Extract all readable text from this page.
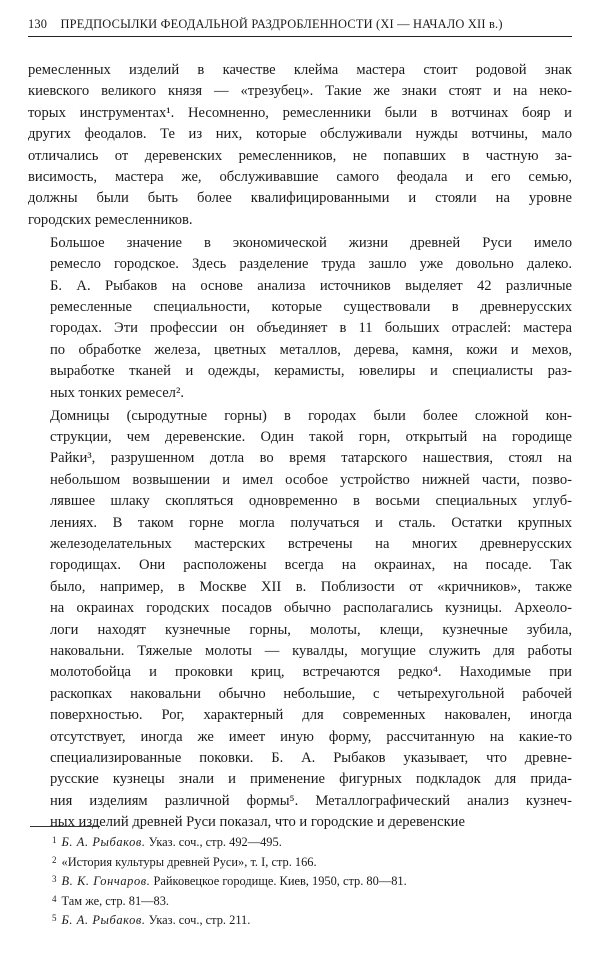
130 ПРЕДПОСЫЛКИ ФЕОДАЛЬНОЙ РАЗДРОБЛЕННОСТИ (XI — НАЧАЛО XII в.)
ремесленных изделий в качестве клейма мастера стоит родовой знак
киевского великого князя — «трезубец». Такие же знаки стоят и на неко-
торых инструментах¹. Несомненно, ремесленники были в вотчинах бояр и
других феодалов. Те из них, которые обслуживали нужды вотчины, мало
отличались от деревенских ремесленников, не попавших в частную за-
висимость, мастера же, обслуживавшие самого феодала и его семью,
должны были быть более квалифицированными и стояли на уровне
городских ремесленников.
Большое значение в экономической жизни древней Руси имело
ремесло городское. Здесь разделение труда зашло уже довольно далеко.
Б. А. Рыбаков на основе анализа источников выделяет 42 различные
ремесленные специальности, которые существовали в древнерусских
городах. Эти профессии он объединяет в 11 больших отраслей: мастера
по обработке железа, цветных металлов, дерева, камня, кожи и мехов,
выработке тканей и одежды, керамисты, ювелиры и специалисты раз-
ных тонких ремесел².
Домницы (сыродутные горны) в городах были более сложной кон-
струкции, чем деревенские. Один такой горн, открытый на городище
Райки³, разрушенном дотла во время татарского нашествия, стоял на
небольшом возвышении и имел особое устройство нижней части, позво-
лявшее шлаку скопляться одновременно в восьми специальных углуб-
лениях. В таком горне могла получаться и сталь. Остатки крупных
железоделательных мастерских встречены на многих древнерусских
городищах. Они расположены всегда на окраинах, на посаде. Так
было, например, в Москве XII в. Поблизости от «кричников», также
на окраинах городских посадов обычно располагались кузницы. Археоло-
логи находят кузнечные горны, молоты, клещи, кузнечные зубила,
наковальни. Тяжелые молоты — кувалды, могущие служить для работы
молотобойца и проковки криц, встречаются редко⁴. Находимые при
раскопках наковальни обычно небольшие, с четырехугольной рабочей
поверхностью. Рог, характерный для современных наковален, иногда
отсутствует, иногда же имеет иную форму, рассчитанную на какие-то
специализированные поковки. Б. А. Рыбаков указывает, что древне-
русские кузнецы знали и применение фигурных подкладок для прида-
ния изделиям различной формы⁵. Металлографический анализ кузнеч-
ных изделий древней Руси показал, что и городские и деревенские
$^1$ Б. А. Рыбаков. Указ. соч., стр. 492—495.
$^2$ «История культуры древней Руси», т. I, стр. 166.
$^3$ В. К. Гончаров. Райковецкое городище. Киев, 1950, стр. 80—81.
$^4$ Там же, стр. 81—83.
$^5$ Б. А. Рыбаков. Указ. соч., стр. 211.
